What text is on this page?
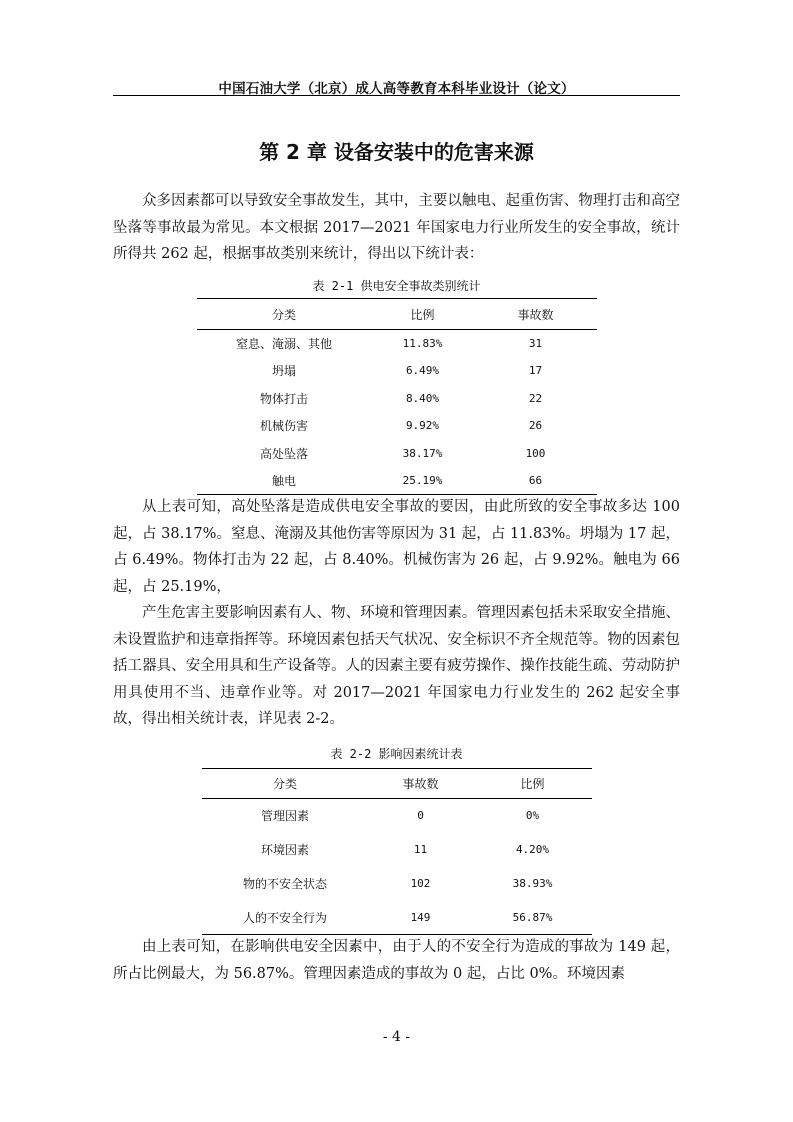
中国石油大学（北京）成人高等教育本科毕业设计（论文）
第 2 章 设备安装中的危害来源

众多因素都可以导致安全事故发生，其中，主要以触电、起重伤害、物理打击和高空坠落等事故最为常见。本文根据 2017—2021 年国家电力行业所发生的安全事故，统计所得共 262 起，根据事故类别来统计，得出以下统计表：

表 2-1 供电安全事故类别统计
分类	比例	事故数
窒息、淹溺、其他	11.83%	31
坍塌	6.49%	17
物体打击	8.40%	22
机械伤害	9.92%	26
高处坠落	38.17%	100
触电	25.19%	66

从上表可知，高处坠落是造成供电安全事故的要因，由此所致的安全事故多达 100 起，占 38.17%。窒息、淹溺及其他伤害等原因为 31 起，占 11.83%。坍塌为 17 起，占 6.49%。物体打击为 22 起，占 8.40%。机械伤害为 26 起，占 9.92%。触电为 66 起，占 25.19%，

产生危害主要影响因素有人、物、环境和管理因素。管理因素包括未采取安全措施、未设置监护和违章指挥等。环境因素包括天气状况、安全标识不齐全规范等。物的因素包括工器具、安全用具和生产设备等。人的因素主要有疲劳操作、操作技能生疏、劳动防护用具使用不当、违章作业等。对 2017—2021 年国家电力行业发生的 262 起安全事故，得出相关统计表，详见表 2-2。

表 2-2 影响因素统计表
分类	事故数	比例
管理因素	0	0%
环境因素	11	4.20%
物的不安全状态	102	38.93%
人的不安全行为	149	56.87%

由上表可知，在影响供电安全因素中，由于人的不安全行为造成的事故为 149 起，所占比例最大，为 56.87%。管理因素造成的事故为 0 起，占比 0%。环境因素

- 4 -
